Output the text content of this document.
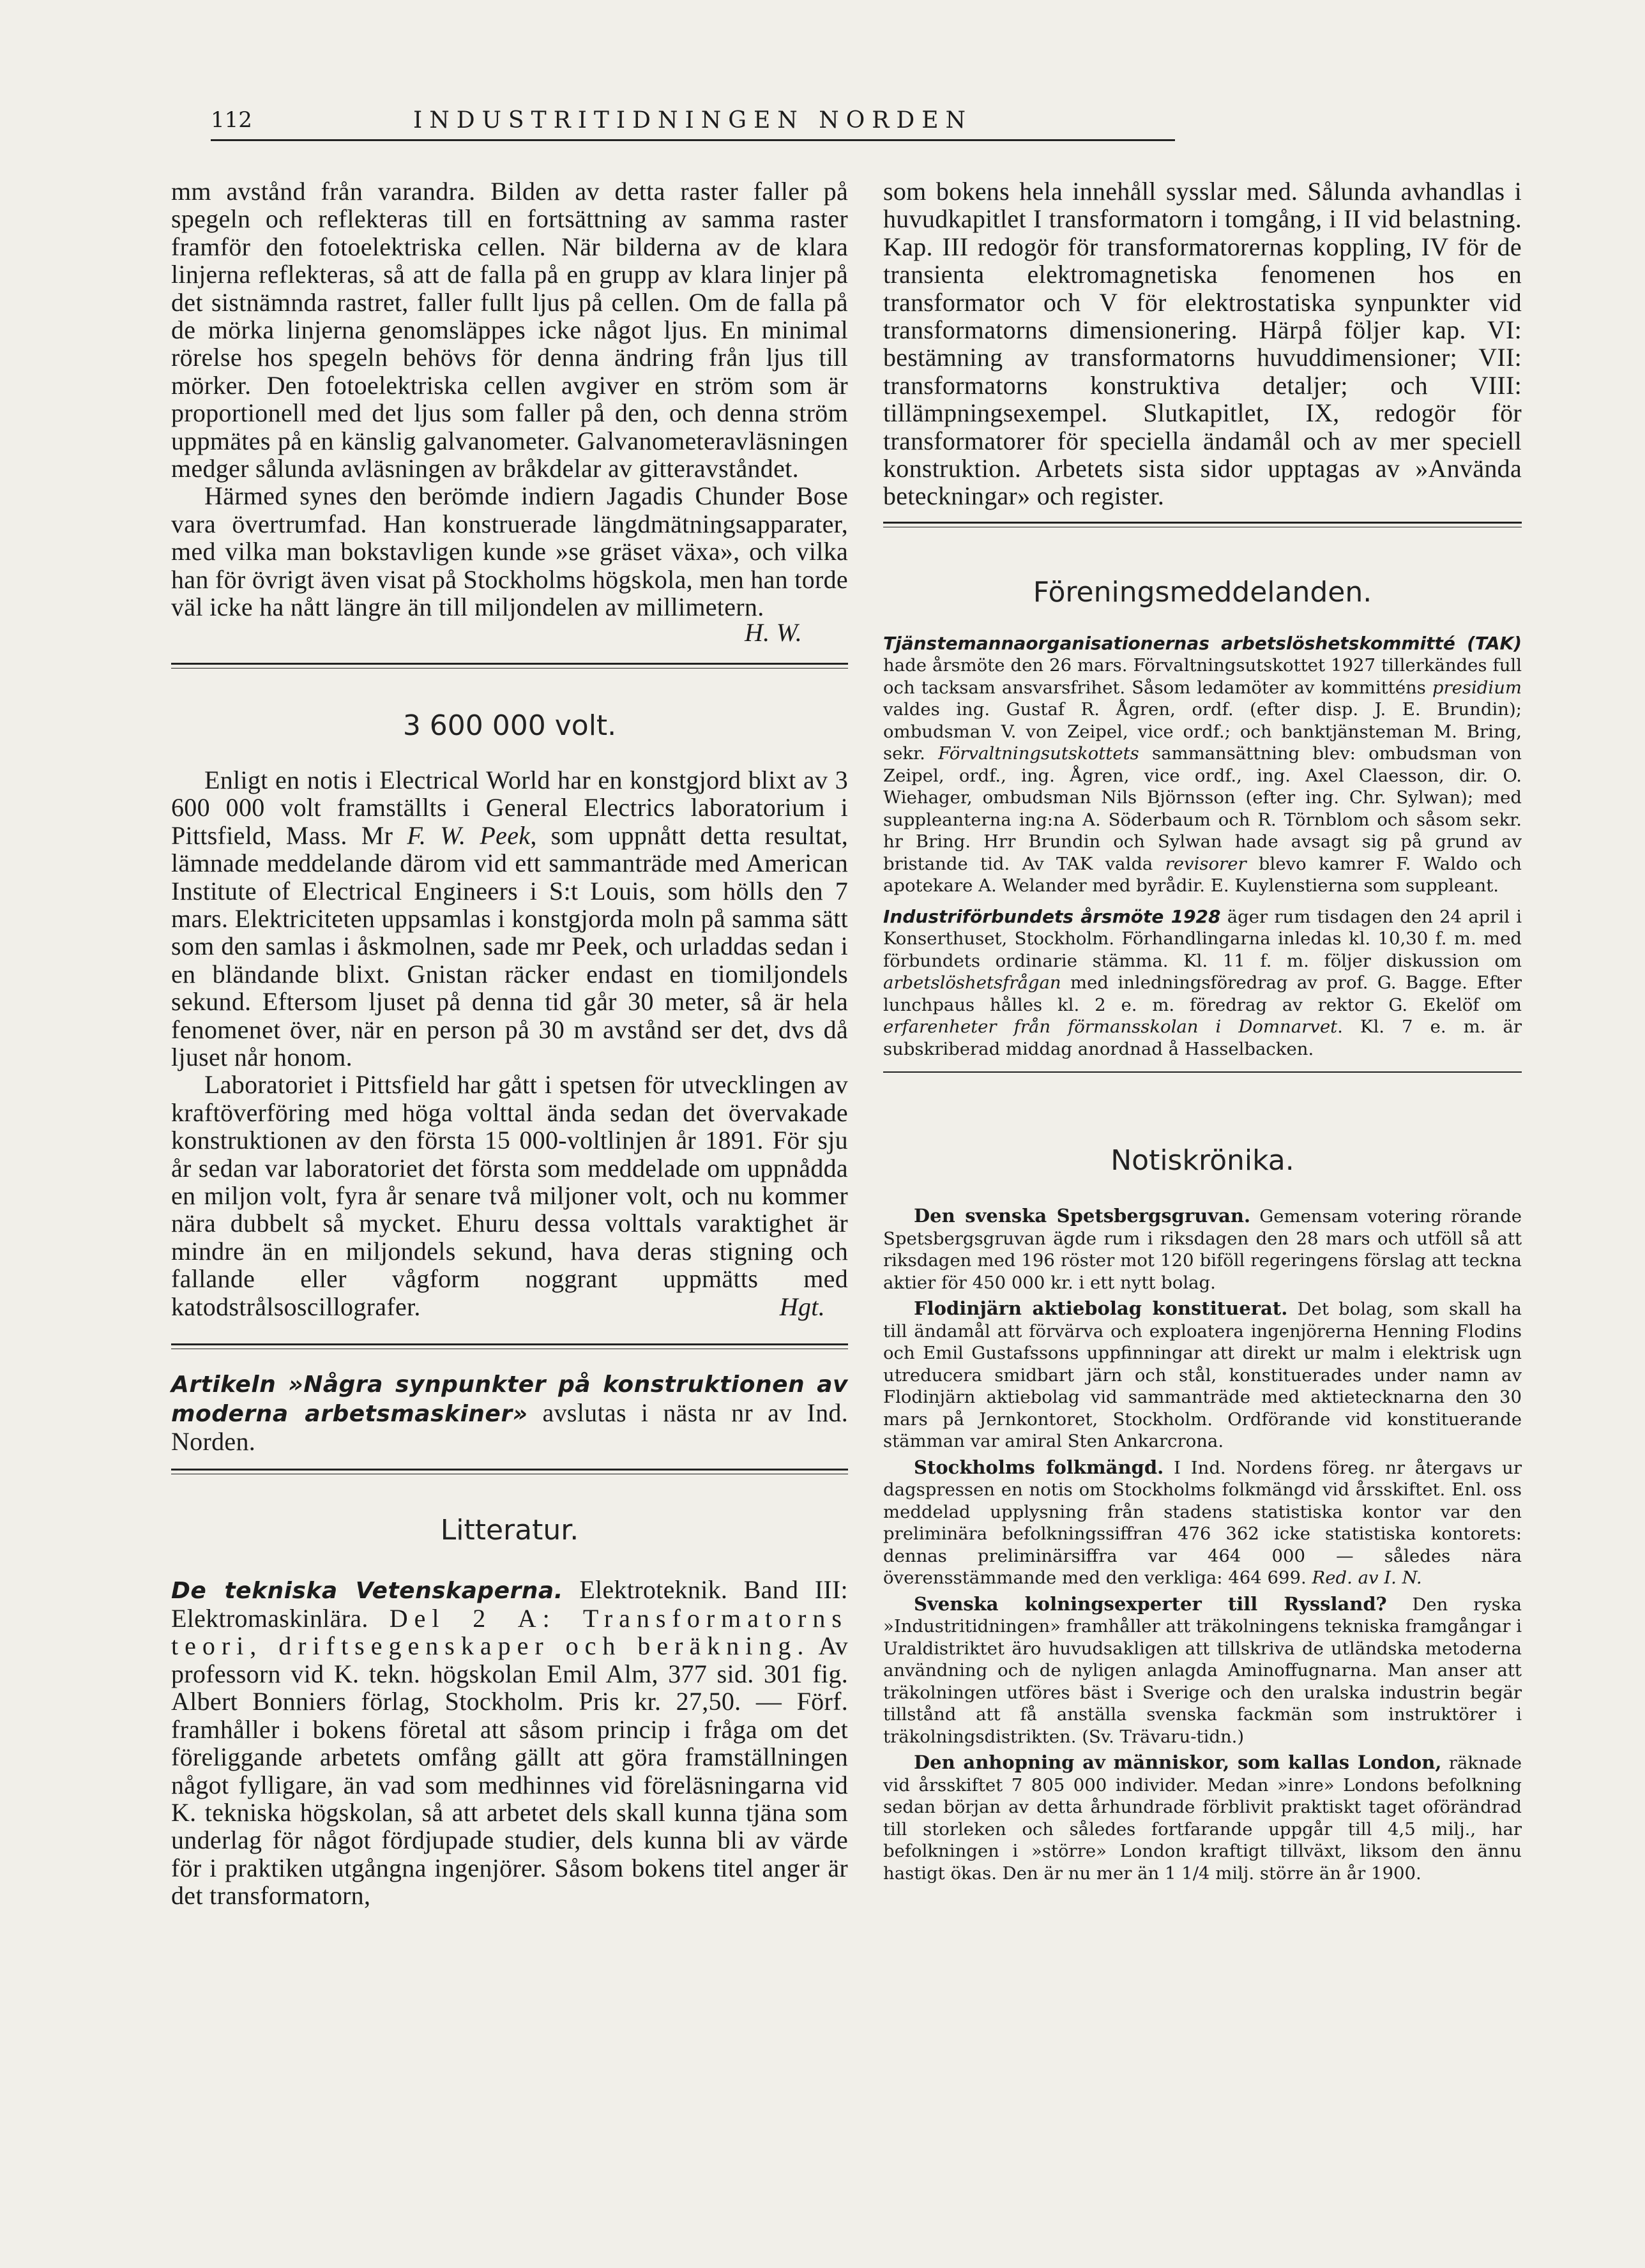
112	INDUSTRITIDNINGEN NORDEN

mm avstånd från varandra. Bilden av detta raster faller på spegeln och reflekteras till en fortsättning av samma raster framför den fotoelektriska cellen. När bilderna av de klara linjerna reflekteras, så att de falla på en grupp av klara linjer på det sistnämnda rastret, faller fullt ljus på cellen. Om de falla på de mörka linjerna genomsläppes icke något ljus. En minimal rörelse hos spegeln behövs för denna ändring från ljus till mörker. Den fotoelektriska cellen avgiver en ström som är proportionell med det ljus som faller på den, och denna ström uppmätes på en känslig galvanometer. Galvanometeravläsningen medger sålunda avläsningen av bråkdelar av gitteravståndet.

Härmed synes den berömde indiern Jagadis Chunder Bose vara övertrumfad. Han konstruerade längdmätningsapparater, med vilka man bokstavligen kunde »se gräset växa», och vilka han för övrigt även visat på Stockholms högskola, men han torde väl icke ha nått längre än till miljondelen av millimetern.

H. W.

3 600 000 volt.

Enligt en notis i Electrical World har en konstgjord blixt av 3 600 000 volt framställts i General Electrics laboratorium i Pittsfield, Mass. Mr F. W. Peek, som uppnått detta resultat, lämnade meddelande därom vid ett sammanträde med American Institute of Electrical Engineers i S:t Louis, som hölls den 7 mars. Elektriciteten uppsamlas i konstgjorda moln på samma sätt som den samlas i åskmolnen, sade mr Peek, och urladdas sedan i en bländande blixt. Gnistan räcker endast en tiomiljondels sekund. Eftersom ljuset på denna tid går 30 meter, så är hela fenomenet över, när en person på 30 m avstånd ser det, dvs då ljuset når honom.

Laboratoriet i Pittsfield har gått i spetsen för utvecklingen av kraftöverföring med höga volttal ända sedan det övervakade konstruktionen av den första 15 000-voltlinjen år 1891. För sju år sedan var laboratoriet det första som meddelade om uppnådda en miljon volt, fyra år senare två miljoner volt, och nu kommer nära dubbelt så mycket. Ehuru dessa volttals varaktighet är mindre än en miljondels sekund, hava deras stigning och fallande eller vågform noggrant uppmätts med katodstrålsoscillografer.	Hgt.

Artikeln »Några synpunkter på konstruktionen av moderna arbetsmaskiner» avslutas i nästa nr av Ind. Norden.

Litteratur.

De tekniska Vetenskaperna. Elektroteknik. Band III: Elektromaskinlära. Del 2 A: Transformatorns teori, driftsegenskaper och beräkning. Av professorn vid K. tekn. högskolan Emil Alm, 377 sid. 301 fig. Albert Bonniers förlag, Stockholm. Pris kr. 27,50. — Förf. framhåller i bokens företal att såsom princip i fråga om det föreliggande arbetets omfång gällt att göra framställningen något fylligare, än vad som medhinnes vid föreläsningarna vid K. tekniska högskolan, så att arbetet dels skall kunna tjäna som underlag för något fördjupade studier, dels kunna bli av värde för i praktiken utgångna ingenjörer. Såsom bokens titel anger är det transformatorn,

som bokens hela innehåll sysslar med. Sålunda avhandlas i huvudkapitlet I transformatorn i tomgång, i II vid belastning. Kap. III redogör för transformatorernas koppling, IV för de transienta elektromagnetiska fenomenen hos en transformator och V för elektrostatiska synpunkter vid transformatorns dimensionering. Härpå följer kap. VI: bestämning av transformatorns huvuddimensioner; VII: transformatorns konstruktiva detaljer; och VIII: tillämpningsexempel. Slutkapitlet, IX, redogör för transformatorer för speciella ändamål och av mer speciell konstruktion. Arbetets sista sidor upptagas av »Använda beteckningar» och register.

Föreningsmeddelanden.

Tjänstemannaorganisationernas arbetslöshetskommitté (TAK) hade årsmöte den 26 mars. Förvaltningsutskottet 1927 tillerkändes full och tacksam ansvarsfrihet. Såsom ledamöter av kommitténs presidium valdes ing. Gustaf R. Ågren, ordf. (efter disp. J. E. Brundin); ombudsman V. von Zeipel, vice ordf.; och banktjänsteman M. Bring, sekr. Förvaltningsutskottets sammansättning blev: ombudsman von Zeipel, ordf., ing. Ågren, vice ordf., ing. Axel Claesson, dir. O. Wiehager, ombudsman Nils Björnsson (efter ing. Chr. Sylwan); med suppleanterna ing:na A. Söderbaum och R. Törnblom och såsom sekr. hr Bring. Hrr Brundin och Sylwan hade avsagt sig på grund av bristande tid. Av TAK valda revisorer blevo kamrer F. Waldo och apotekare A. Welander med byrådir. E. Kuylenstierna som suppleant.

Industriförbundets årsmöte 1928 äger rum tisdagen den 24 april i Konserthuset, Stockholm. Förhandlingarna inledas kl. 10,30 f. m. med förbundets ordinarie stämma. Kl. 11 f. m. följer diskussion om arbetslöshetsfrågan med inledningsföredrag av prof. G. Bagge. Efter lunchpaus hålles kl. 2 e. m. föredrag av rektor G. Ekelöf om erfarenheter från förmansskolan i Domnarvet. Kl. 7 e. m. är subskriberad middag anordnad å Hasselbacken.

Notiskrönika.

Den svenska Spetsbergsgruvan. Gemensam votering rörande Spetsbergsgruvan ägde rum i riksdagen den 28 mars och utföll så att riksdagen med 196 röster mot 120 biföll regeringens förslag att teckna aktier för 450 000 kr. i ett nytt bolag.

Flodinjärn aktiebolag konstituerat. Det bolag, som skall ha till ändamål att förvärva och exploatera ingenjörerna Henning Flodins och Emil Gustafssons uppfinningar att direkt ur malm i elektrisk ugn utreducera smidbart järn och stål, konstituerades under namn av Flodinjärn aktiebolag vid sammanträde med aktietecknarna den 30 mars på Jernkontoret, Stockholm. Ordförande vid konstituerande stämman var amiral Sten Ankarcrona.

Stockholms folkmängd. I Ind. Nordens föreg. nr återgavs ur dagspressen en notis om Stockholms folkmängd vid årsskiftet. Enl. oss meddelad upplysning från stadens statistiska kontor var den preliminära befolkningssiffran 476 362 icke statistiska kontorets: dennas preliminärsiffra var 464 000 — således nära överensstämmande med den verkliga: 464 699. Red. av I. N.

Svenska kolningsexperter till Ryssland? Den ryska »Industritidningen» framhåller att träkolningens tekniska framgångar i Uraldistriktet äro huvudsakligen att tillskriva de utländska metoderna användning och de nyligen anlagda Aminoffugnarna. Man anser att träkolningen utföres bäst i Sverige och den uralska industrin begär tillstånd att få anställa svenska fackmän som instruktörer i träkolningsdistrikten. (Sv. Trävaru-tidn.)

Den anhopning av människor, som kallas London, räknade vid årsskiftet 7 805 000 individer. Medan »inre» Londons befolkning sedan början av detta århundrade förblivit praktiskt taget oförändrad till storleken och således fortfarande uppgår till 4,5 milj., har befolkningen i »större» London kraftigt tillväxt, liksom den ännu hastigt ökas. Den är nu mer än 1 1/4 milj. större än år 1900.
